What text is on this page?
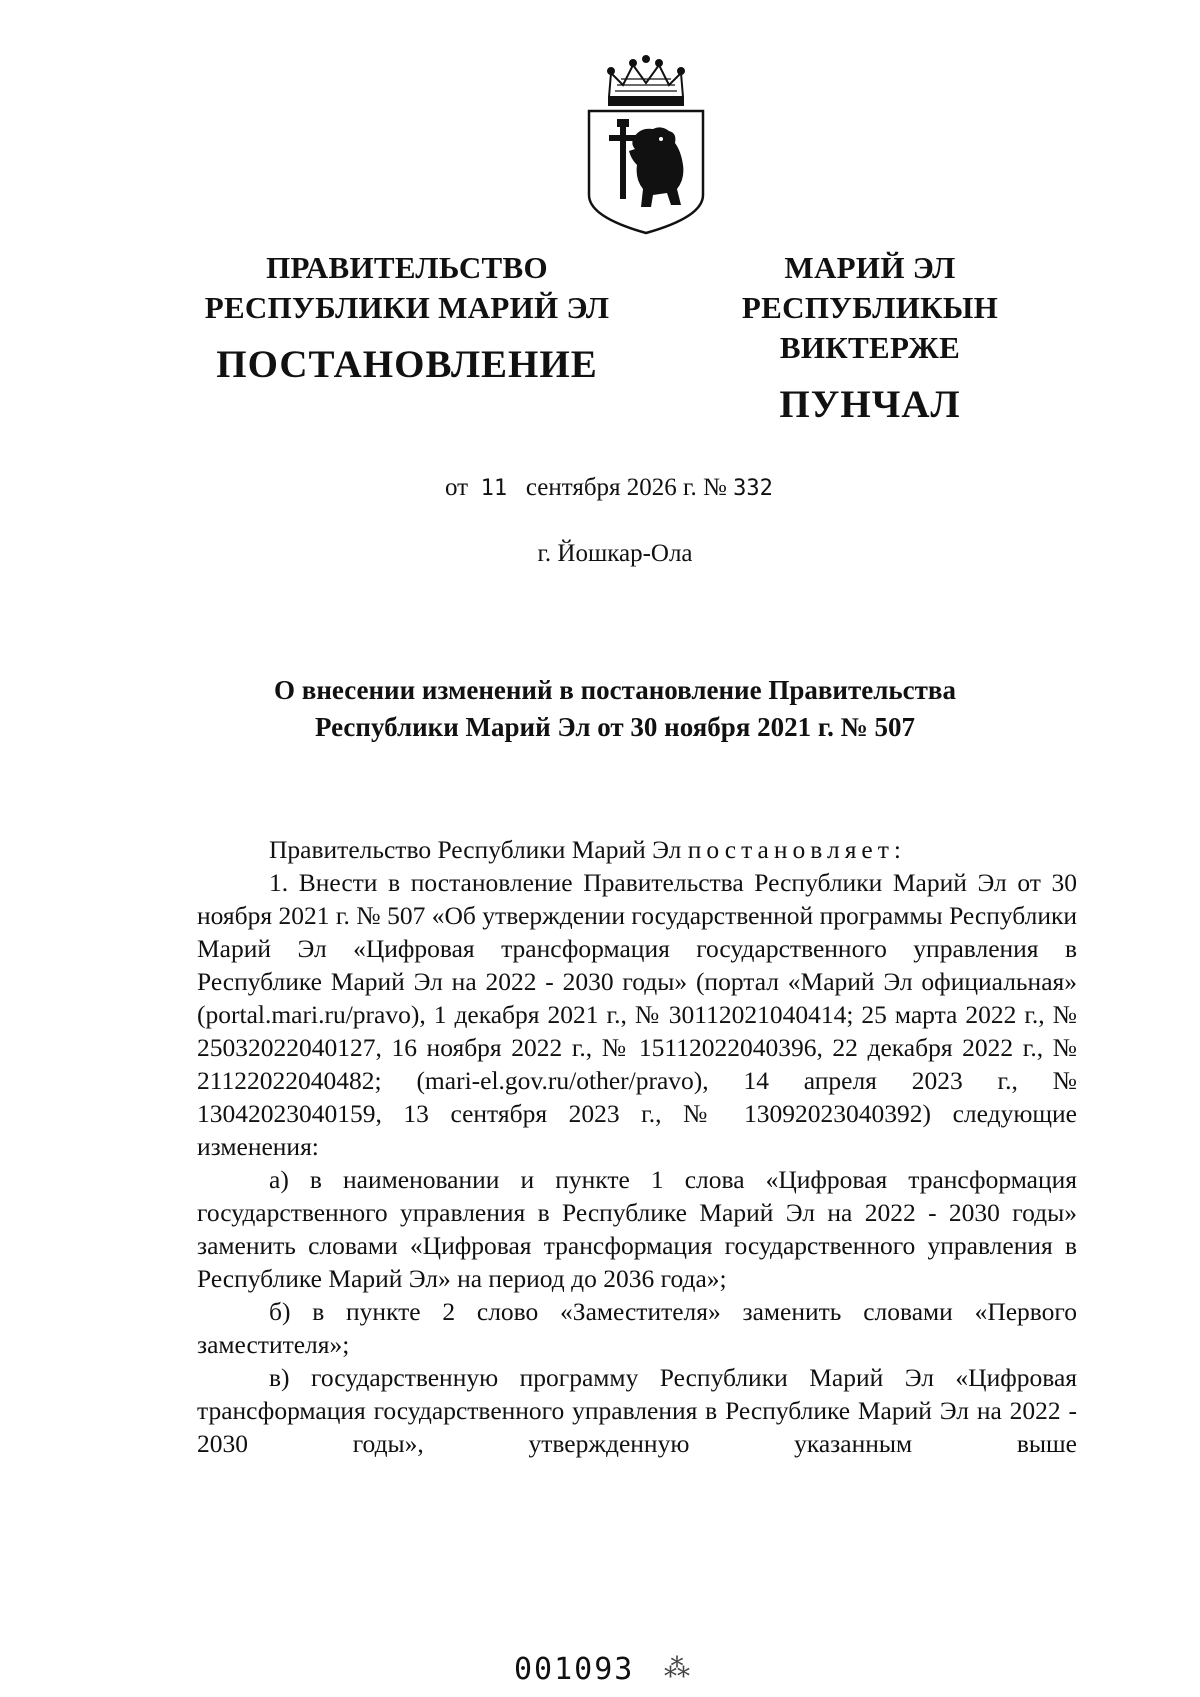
ПРАВИТЕЛЬСТВО
РЕСПУБЛИКИ МАРИЙ ЭЛ
ПОСТАНОВЛЕНИЕ
МАРИЙ ЭЛ РЕСПУБЛИКЫН
ВИКТЕРЖЕ
ПУНЧАЛ
от 11 сентября 2026 г. № 332
г. Йошкар-Ола
О внесении изменений в постановление Правительства
Республики Марий Эл от 30 ноября 2021 г. № 507

Правительство Республики Марий Эл постановляет:

1. Внести в постановление Правительства Республики Марий Эл от 30 ноября 2021 г. № 507 «Об утверждении государственной программы Республики Марий Эл «Цифровая трансформация государственного управления в Республике Марий Эл на 2022 - 2030 годы» (портал «Марий Эл официальная» (portal.mari.ru/pravo), 1 декабря 2021 г., № 30112021040414; 25 марта 2022 г., № 25032022040127, 16 ноября 2022 г., № 15112022040396, 22 декабря 2022 г., № 21122022040482; (mari-el.gov.ru/other/pravo), 14 апреля 2023 г., № 13042023040159, 13 сентября 2023 г., № 13092023040392) следующие изменения:

а) в наименовании и пункте 1 слова «Цифровая трансформация государственного управления в Республике Марий Эл на 2022 - 2030 годы» заменить словами «Цифровая трансформация государственного управления в Республике Марий Эл» на период до 2036 года»;

б) в пункте 2 слово «Заместителя» заменить словами «Первого заместителя»;

в) государственную программу Республики Марий Эл «Цифровая трансформация государственного управления в Республике Марий Эл на 2022 - 2030 годы», утвержденную указанным выше

001093 ⁂
